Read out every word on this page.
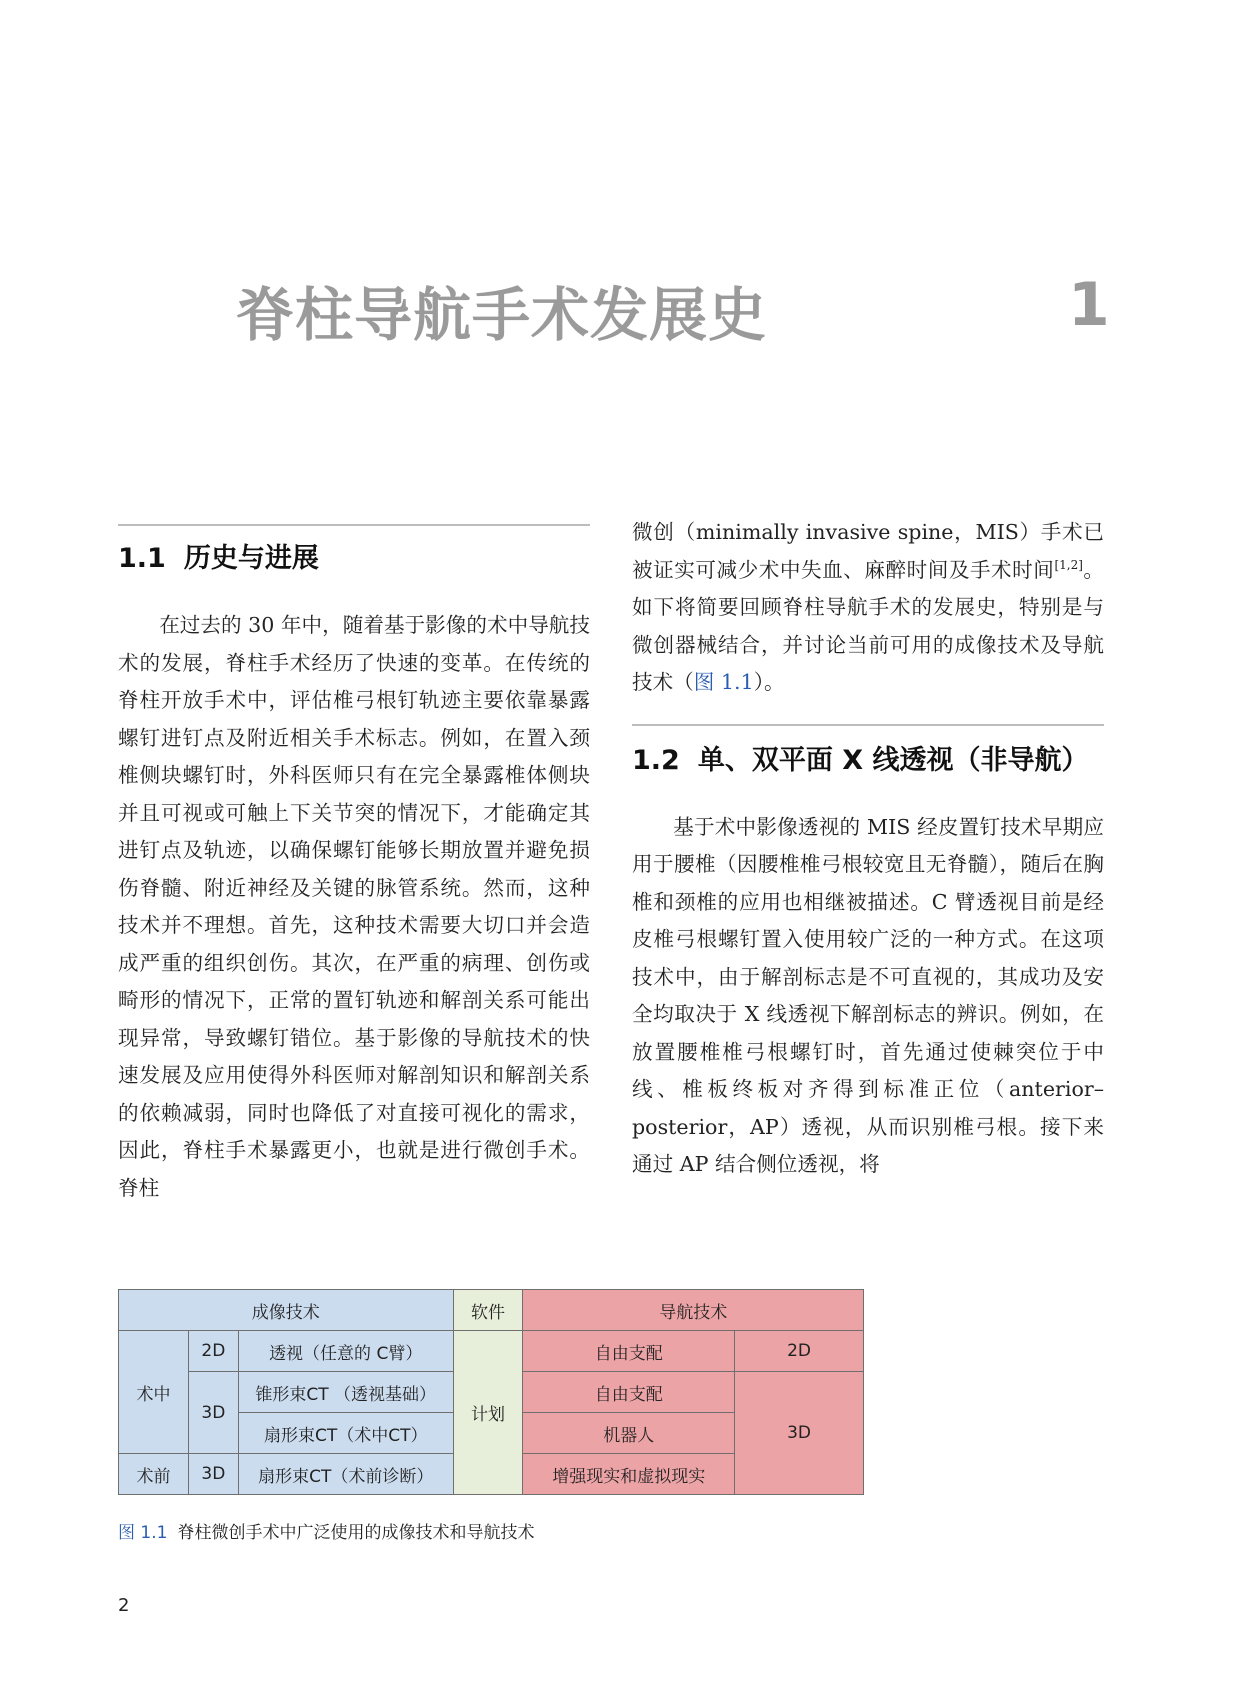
脊柱导航手术发展史	1
1.1 历史与进展

在过去的 30 年中，随着基于影像的术中导航技术的发展，脊柱手术经历了快速的变革。在传统的脊柱开放手术中，评估椎弓根钉轨迹主要依靠暴露螺钉进钉点及附近相关手术标志。例如，在置入颈椎侧块螺钉时，外科医师只有在完全暴露椎体侧块并且可视或可触上下关节突的情况下，才能确定其进钉点及轨迹，以确保螺钉能够长期放置并避免损伤脊髓、附近神经及关键的脉管系统。然而，这种技术并不理想。首先，这种技术需要大切口并会造成严重的组织创伤。其次，在严重的病理、创伤或畸形的情况下，正常的置钉轨迹和解剖关系可能出现异常，导致螺钉错位。基于影像的导航技术的快速发展及应用使得外科医师对解剖知识和解剖关系的依赖减弱，同时也降低了对直接可视化的需求，因此，脊柱手术暴露更小，也就是进行微创手术。脊柱

微创（minimally invasive spine，MIS）手术已被证实可减少术中失血、麻醉时间及手术时间[1,2]。如下将简要回顾脊柱导航手术的发展史，特别是与微创器械结合，并讨论当前可用的成像技术及导航技术（图 1.1）。

1.2 单、双平面 X 线透视（非导航）

基于术中影像透视的 MIS 经皮置钉技术早期应用于腰椎（因腰椎椎弓根较宽且无脊髓），随后在胸椎和颈椎的应用也相继被描述。C 臂透视目前是经皮椎弓根螺钉置入使用较广泛的一种方式。在这项技术中，由于解剖标志是不可直视的，其成功及安全均取决于 X 线透视下解剖标志的辨识。例如，在放置腰椎椎弓根螺钉时，首先通过使棘突位于中线、椎板终板对齐得到标准正位（anterior–posterior，AP）透视，从而识别椎弓根。接下来通过 AP 结合侧位透视，将

成像技术			软件	导航技术	
术中	2D	透视（任意的 C臂）	计划	自由支配	2D
	3D	锥形束CT （透视基础）		自由支配	3D
		扇形束CT（术中CT）		机器人	
术前	3D	扇形束CT（术前诊断）		增强现实和虚拟现实	
图 1.1 脊柱微创手术中广泛使用的成像技术和导航技术
2
